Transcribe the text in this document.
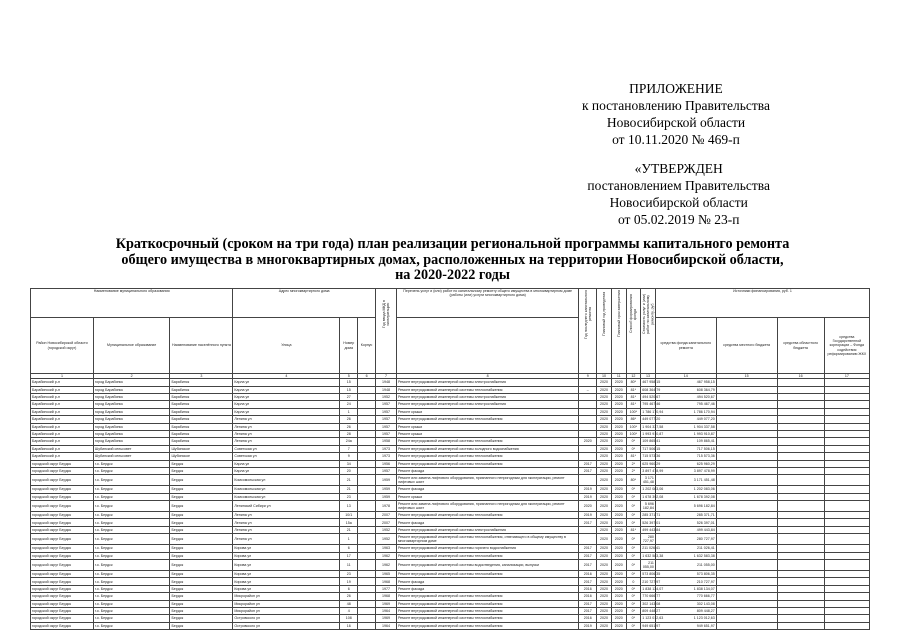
ПРИЛОЖЕНИЕ
к постановлению Правительства
Новосибирской области
от 10.11.2020 № 469-п
«УТВЕРЖДЕН
постановлением Правительства
Новосибирской области
от 05.02.2019 № 23-п
Краткосрочный (сроком на три года) план реализации региональной программы капитального ремонта
общего имущества в многоквартирных домах, расположенных на территории Новосибирской области,
на 2020-2022 годы
Наименование муниципального образования			Адрес многоквартирного дома			Год ввода МКД в эксплуатацию	Перечень услуг и (или) работ по капитальному ремонту общего имущества в многоквартирном доме (работы (или) услуги многоквартирного дома)	Год последнего капитального ремонта	Плановый год проведения	Плановый срок завершения	Способ формирования фонда	Стоимость услуг и (или) работ по капитальному ремонту, руб.	Источники финансирования, руб. 1			
Район Новосибирской области (городской округ)	Муниципальное образование	Наименование населённого пункта	Улица	Номер дома	Корпус								средства фонда капитального ремонта	средства местного бюджета	средства областного бюджета	средства Государственной корпорации – Фонда содействия реформированию ЖКХ
1	2	3	4	5	6	7	8	9	10	11	12	13	14	15	16	17
Барабинский р-н	город Барабинск	Барабинск	Карла ул	15		1948	Ремонт внутридомовой инженерной системы электроснабжения		2020	2020	80*	467 958,15	467 958,15			
Барабинский р-н	город Барабинск	Барабинск	Карла ул	15		1948	Ремонт внутридомовой инженерной системы теплоснабжения	–	2020	2020	81*	608 364,79	608 364,79			
Барабинский р-н	город Барабинск	Барабинск	Карла ул	27		1952	Ремонт внутридомовой инженерной системы электроснабжения		2020	2020	81*	494 520,67	494 520,67			
Барабинский р-н	город Барабинск	Барабинск	Карла ул	24		1957	Ремонт внутридомовой инженерной системы электроснабжения		2020	2020	81*	795 467,46	795 467,46			
Барабинский р-н	город Барабинск	Барабинск	Карла ул	1		1957	Ремонт крыши		2020	2020	100*	1 786 170,94	1 786 170,94			
Барабинский р-н	город Барабинск	Барабинск	Ленина ул	26		1957	Ремонт внутридомовой инженерной системы теплоснабжения		2020	2020	86*	449 077,20	449 077,20			
Барабинский р-н	город Барабинск	Барабинск	Ленина ул	26		1957	Ремонт крыши		2020	2020	100*	1 904 337,58	1 904 337,58			
Барабинский р-н	город Барабинск	Барабинск	Ленина ул	28		1957	Ремонт крыши		2020	2020	100*	1 993 910,87	1 993 910,87			
Барабинский р-н	город Барабинск	Барабинск	Ленина ул	24а		1958	Ремонт внутридомовой инженерной системы теплоснабжения	2020	2020	2020	0*	109 865,41	109 865,41			
Барабинский р-н	Шубинский сельсовет	Шубинское	Советская ул	7		1973	Ремонт внутридомовой инженерной системы холодного водоснабжения		2020	2020	0*	717 506,15	717 506,15			
Барабинский р-н	Шубинский сельсовет	Шубинское	Советская ул	9		1973	Ремонт внутридомовой инженерной системы теплоснабжения		2020	2020	81*	715 573,36	715 573,36			
городской округ Бердск	г.о. Бердск	Бердск	Карла ул	34		1956	Ремонт внутридомовой инженерной системы теплоснабжения	2017	2020	2020	2*	625 960,29	625 960,29			
городской округ Бердск	г.о. Бердск	Бердск	Карла ул	20		1957	Ремонт фасада	2017	2020	2020	2*	3 897 478,99	3 897 478,99			
городской округ Бердск	г.о. Бердск	Бердск	Комсомольская ул	21		1959	Ремонт или замена лифтового оборудования, признанного непригодным для эксплуатации, ремонт лифтовых шахт		2020	2020	80*	3 171 451,48	3 171 451,48			
городской округ Бердск	г.о. Бердск	Бердск	Комсомольская ул	21		1959	Ремонт фасада	2019	2020	2020	0*	1 202 083,06	1 202 083,06			
городской округ Бердск	г.о. Бердск	Бердск	Комсомольская ул	23		1959	Ремонт крыши	2019	2020	2020	0*	1 678 392,08	1 678 392,08			
городской округ Бердск	г.о. Бердск	Бердск	Ленинский Сибири ул	13		1978	Ремонт или замена лифтового оборудования, признанного непригодным для эксплуатации, ремонт лифтовых шахт	2020	2020	2020	0*	5 696 182,84	5 696 182,84			
городской округ Бердск	г.о. Бердск	Бердск	Ленина ул	10/1		2007	Ремонт внутридомовой инженерной системы теплоснабжения	2019	2020	2020	0*	285 371,71	285 371,71			
городской округ Бердск	г.о. Бердск	Бердск	Ленина ул	15а		2007	Ремонт фасада	2017	2020	2020	0*	526 397,01	526 397,01			
городской округ Бердск	г.о. Бердск	Бердск	Ленина ул	21		1952	Ремонт внутридомовой инженерной системы электроснабжения		2020	2020	81*	499 443,84	499 443,84			
городской округ Бердск	г.о. Бердск	Бердск	Ленина ул	1		1952	Ремонт внутридомовой инженерной системы теплоснабжения, отвечающего в общему имуществу в многоквартирном доме		2020	2020	0*	280 727,97	280 727,97			
городской округ Бердск	г.о. Бердск	Бердск	Кирова ул	6		1963	Ремонт внутридомовой инженерной системы горячего водоснабжения	2017	2020	2020	0*	211 026,41	211 026,41			
городской округ Бердск	г.о. Бердск	Бердск	Кирова ул	17		1962	Ремонт внутридомовой инженерной системы теплоснабжения	2017	2020	2020	0*	1 632 583,38	1 632 583,38			
городской округ Бердск	г.о. Бердск	Бердск	Кирова ул	11		1962	Ремонт внутридомовой инженерной системы водоотведения, канализации, выпуски	2017	2020	2020	0*	211 055,00	211 055,00			
городской округ Бердск	г.о. Бердск	Бердск	Кирова ул	23		1965	Ремонт внутридомовой инженерной системы теплоснабжения	2016	2020	2020	0*	573 806,35	573 806,35			
городской округ Бердск	г.о. Бердск	Бердск	Кирова ул	19		1968	Ремонт фасада	2017	2020	2020	0	210 727,97	210 727,97			
городской округ Бердск	г.о. Бердск	Бердск	Кирова ул	6		1977	Ремонт фасада	2016	2020	2020	0*	1 838 134,07	1 838 134,07			
городской округ Бердск	г.о. Бердск	Бердск	Микрорайон ул	26		1968	Ремонт внутридомовой инженерной системы теплоснабжения	2016	2020	2020	0*	770 666,77	770 666,77			
городской округ Бердск	г.о. Бердск	Бердск	Микрорайон ул	48		1969	Ремонт внутридомовой инженерной системы теплоснабжения	2017	2020	2020	0*	302 143,08	302 143,08			
городской округ Бердск	г.о. Бердск	Бердск	Микрорайон ул	4		1964	Ремонт внутридомовой инженерной системы теплоснабжения	2017	2020	2020	0*	809 448,27	809 448,27			
городской округ Бердск	г.о. Бердск	Бердск	Островского ул	108		1969	Ремонт внутридомовой инженерной системы теплоснабжения	2016	2020	2020	0*	1 123 012,63	1 123 012,63			
городской округ Бердск	г.о. Бердск	Бердск	Островского ул	16		1964	Ремонт внутридомовой инженерной системы теплоснабжения	2019	2020	2020	0*	949 651,97	949 651,97			
